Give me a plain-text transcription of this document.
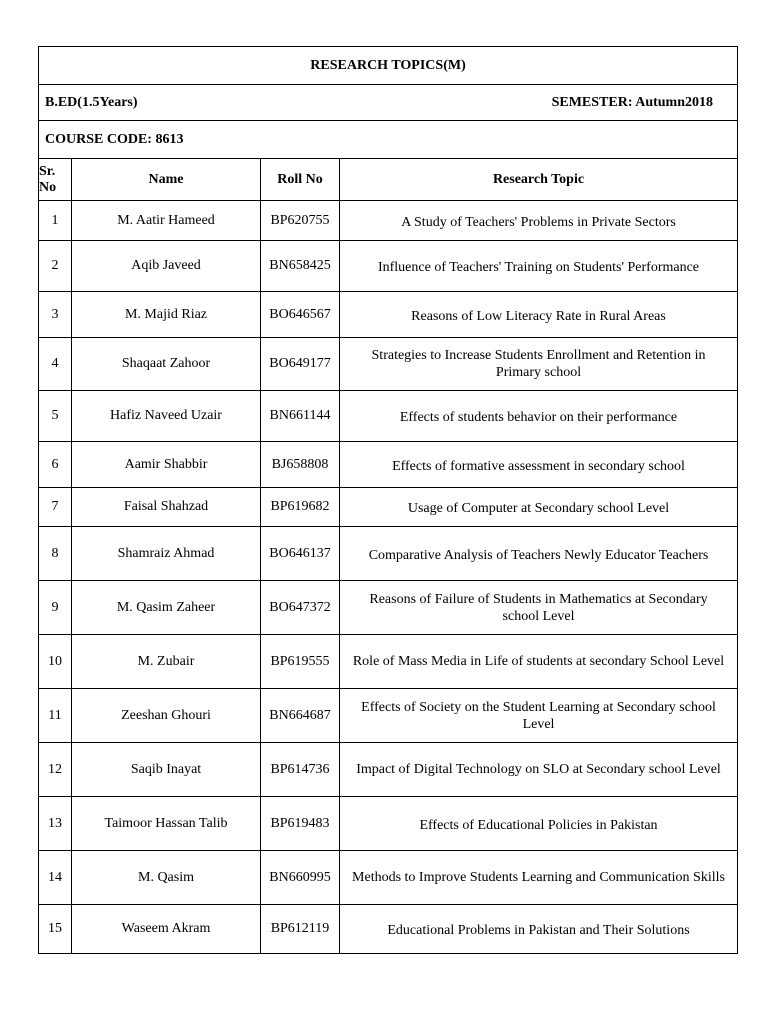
RESEARCH TOPICS(M)			

B.ED(1.5Years) SEMESTER: Autumn2018			

COURSE CODE: 8613			
Sr. No	Name	Roll No	Research Topic
1	M. Aatir Hameed	BP620755	A Study of Teachers' Problems in Private Sectors
2	Aqib Javeed	BN658425	Influence of Teachers' Training on Students' Performance
3	M. Majid Riaz	BO646567	Reasons of Low Literacy Rate in Rural Areas
4	Shaqaat Zahoor	BO649177	Strategies to Increase Students Enrollment and Retention in Primary school
5	Hafiz Naveed Uzair	BN661144	Effects of students behavior on their performance
6	Aamir Shabbir	BJ658808	Effects of formative assessment in secondary school
7	Faisal Shahzad	BP619682	Usage of Computer at Secondary school Level
8	Shamraiz Ahmad	BO646137	Comparative Analysis of Teachers Newly Educator Teachers
9	M. Qasim Zaheer	BO647372	Reasons of Failure of Students in Mathematics at Secondary school Level
10	M. Zubair	BP619555	Role of Mass Media in Life of students at secondary School Level
11	Zeeshan Ghouri	BN664687	Effects of Society on the Student Learning at Secondary school Level
12	Saqib Inayat	BP614736	Impact of Digital Technology on SLO at Secondary school Level
13	Taimoor Hassan Talib	BP619483	Effects of Educational Policies in Pakistan
14	M. Qasim	BN660995	Methods to Improve Students Learning and Communication Skills
15	Waseem Akram	BP612119	Educational Problems in Pakistan and Their Solutions
